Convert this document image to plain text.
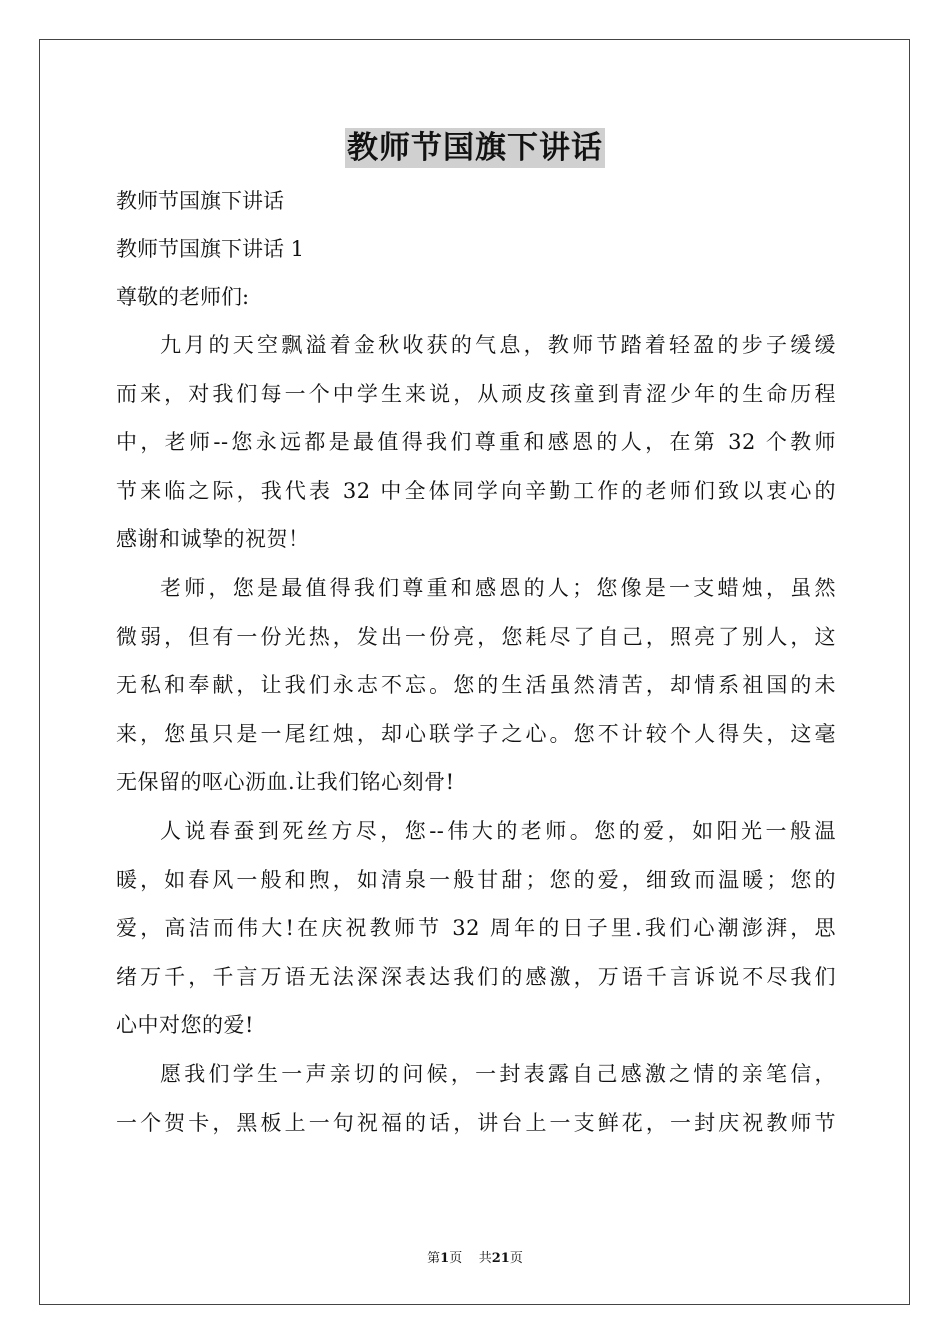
教师节国旗下讲话
教师节国旗下讲话
教师节国旗下讲话 1
尊敬的老师们:
九月的天空飘溢着金秋收获的气息，教师节踏着轻盈的步子缓缓
而来，对我们每一个中学生来说，从顽皮孩童到青涩少年的生命历程
中，老师--您永远都是最值得我们尊重和感恩的人，在第 32 个教师
节来临之际，我代表 32 中全体同学向辛勤工作的老师们致以衷心的
感谢和诚挚的祝贺！
老师，您是最值得我们尊重和感恩的人；您像是一支蜡烛，虽然
微弱，但有一份光热，发出一份亮，您耗尽了自己，照亮了别人，这
无私和奉献，让我们永志不忘。您的生活虽然清苦，却情系祖国的未
来，您虽只是一尾红烛，却心联学子之心。您不计较个人得失，这毫
无保留的呕心沥血.让我们铭心刻骨!
人说春蚕到死丝方尽，您--伟大的老师。您的爱，如阳光一般温
暖，如春风一般和煦，如清泉一般甘甜；您的爱，细致而温暖；您的
爱，高洁而伟大!在庆祝教师节 32 周年的日子里.我们心潮澎湃，思
绪万千，千言万语无法深深表达我们的感激，万语千言诉说不尽我们
心中对您的爱!
愿我们学生一声亲切的问候，一封表露自己感激之情的亲笔信，
一个贺卡，黑板上一句祝福的话，讲台上一支鲜花，一封庆祝教师节
第1页 共21页
